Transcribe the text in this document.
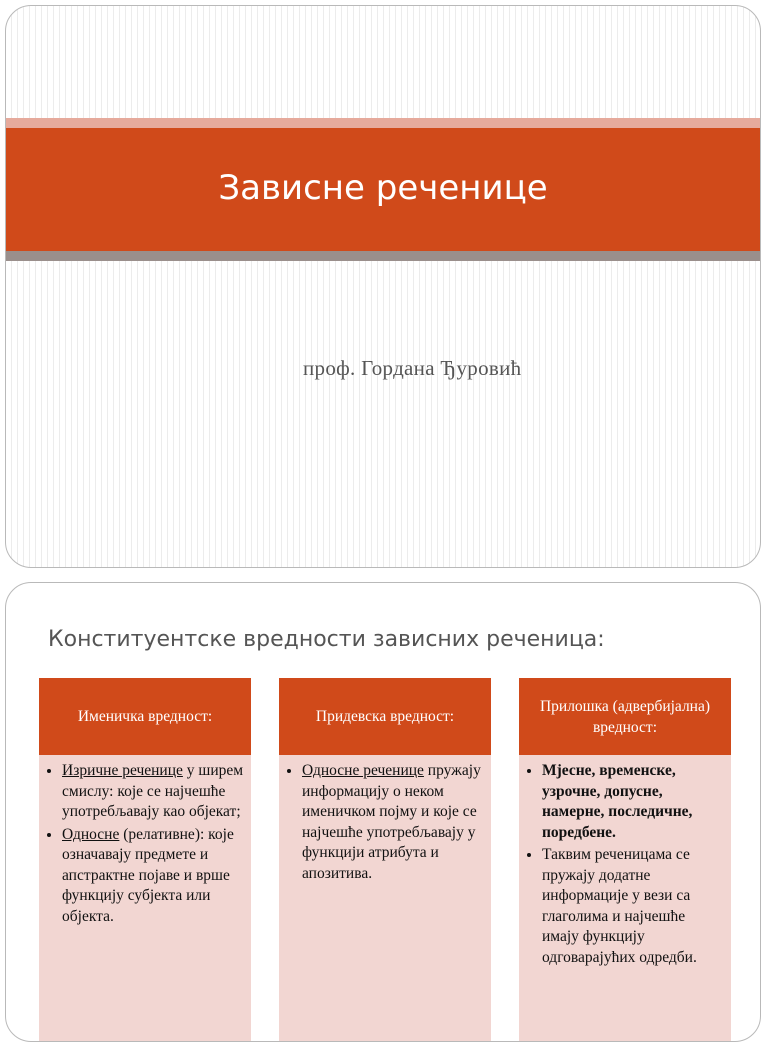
Зависне реченице
проф. Гордана Ђуровић
Конституентске вредности зависних реченица:
Именичка вредност:
• Изричне реченице у ширем смислу: које се најчешће употребљавају као објекат;
• Односне (релативне): које означавају предмете и апстрактне појаве и врше функцију субјекта или објекта.
Придевска вредност:
• Односне реченице пружају информацију о неком именичком појму и које се најчешће употребљавају у функцији атрибута и апозитива.
Прилошка (адвербијална) вредност:
• Мјесне, временске, узрочне, допусне, намерне, последичне, поредбене.
• Таквим реченицама се пружају додатне информације у вези са глаголима и најчешће имају функцију одговарајућих одредби.
